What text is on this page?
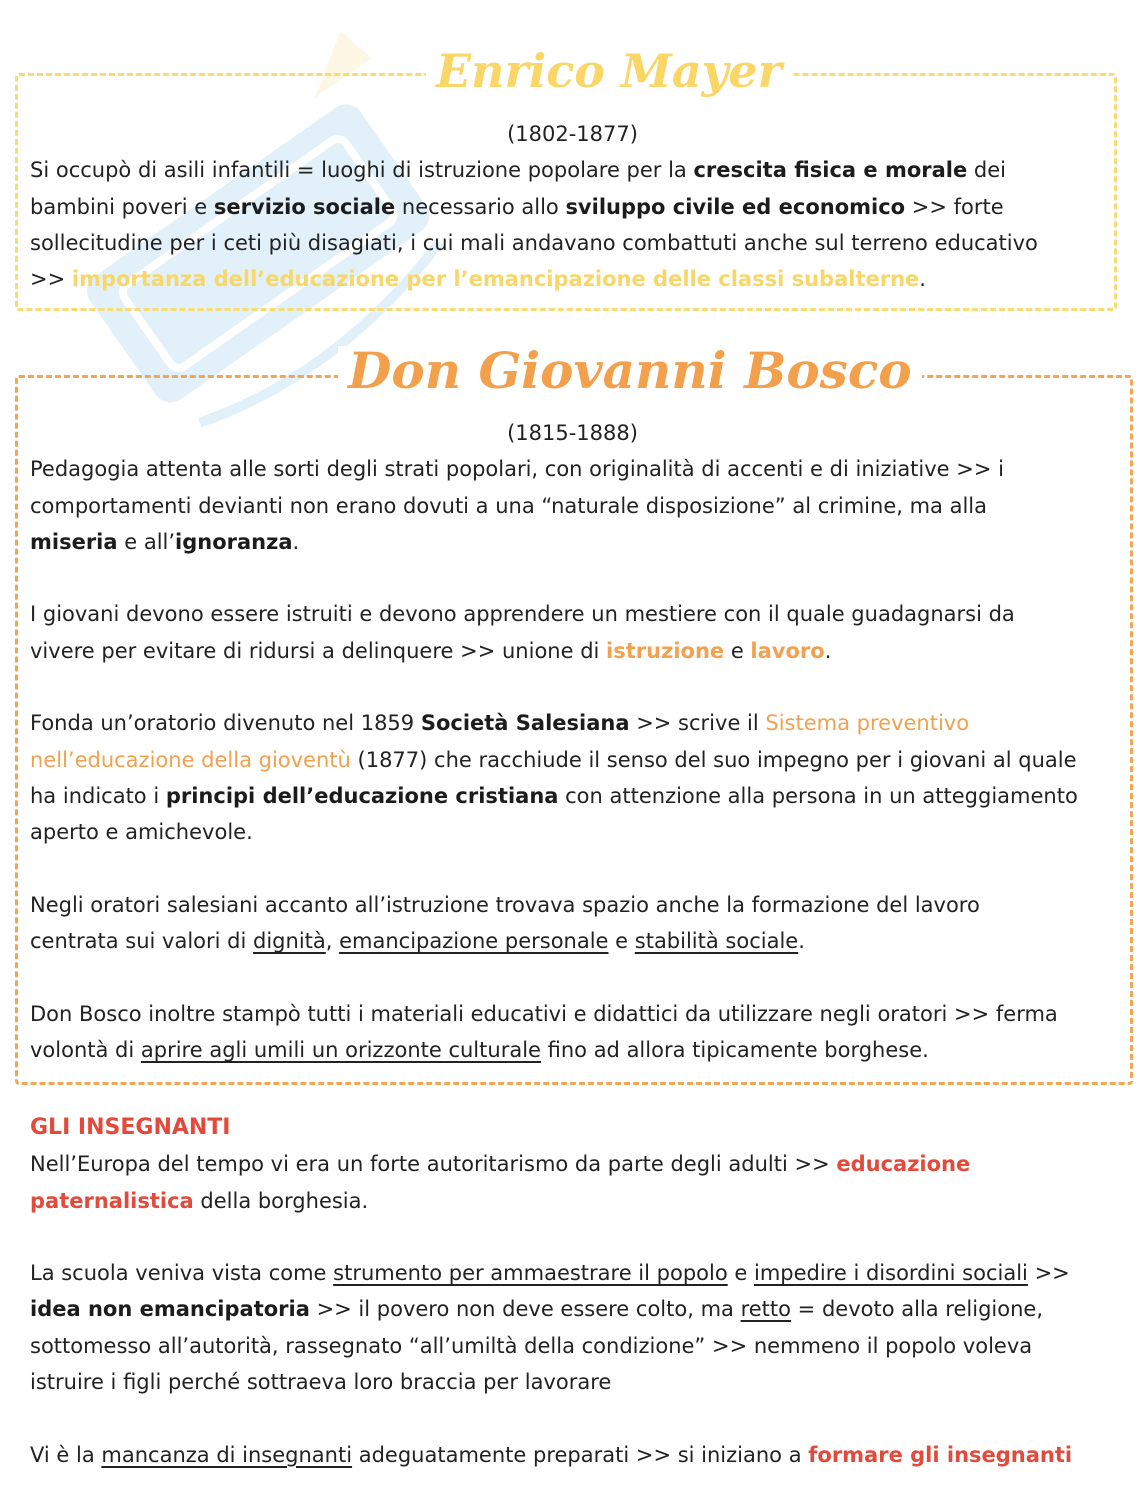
Enrico Mayer
(1802-1877)
Si occupò di asili infantili = luoghi di istruzione popolare per la crescita fisica e morale dei
bambini poveri e servizio sociale necessario allo sviluppo civile ed economico >> forte
sollecitudine per i ceti più disagiati, i cui mali andavano combattuti anche sul terreno educativo
>> importanza dell’educazione per l’emancipazione delle classi subalterne.
Don Giovanni Bosco
(1815-1888)
Pedagogia attenta alle sorti degli strati popolari, con originalità di accenti e di iniziative >> i
comportamenti devianti non erano dovuti a una “naturale disposizione” al crimine, ma alla
miseria e all’ignoranza.
I giovani devono essere istruiti e devono apprendere un mestiere con il quale guadagnarsi da
vivere per evitare di ridursi a delinquere >> unione di istruzione e lavoro.
Fonda un’oratorio divenuto nel 1859 Società Salesiana >> scrive il Sistema preventivo
nell’educazione della gioventù (1877) che racchiude il senso del suo impegno per i giovani al quale
ha indicato i principi dell’educazione cristiana con attenzione alla persona in un atteggiamento
aperto e amichevole.
Negli oratori salesiani accanto all’istruzione trovava spazio anche la formazione del lavoro
centrata sui valori di dignità, emancipazione personale e stabilità sociale.
Don Bosco inoltre stampò tutti i materiali educativi e didattici da utilizzare negli oratori >> ferma
volontà di aprire agli umili un orizzonte culturale fino ad allora tipicamente borghese.
GLI INSEGNANTI
Nell’Europa del tempo vi era un forte autoritarismo da parte degli adulti >> educazione
paternalistica della borghesia.
La scuola veniva vista come strumento per ammaestrare il popolo e impedire i disordini sociali >>
idea non emancipatoria >> il povero non deve essere colto, ma retto = devoto alla religione,
sottomesso all’autorità, rassegnato “all’umiltà della condizione” >> nemmeno il popolo voleva
istruire i figli perché sottraeva loro braccia per lavorare
Vi è la mancanza di insegnanti adeguatamente preparati >> si iniziano a formare gli insegnanti
